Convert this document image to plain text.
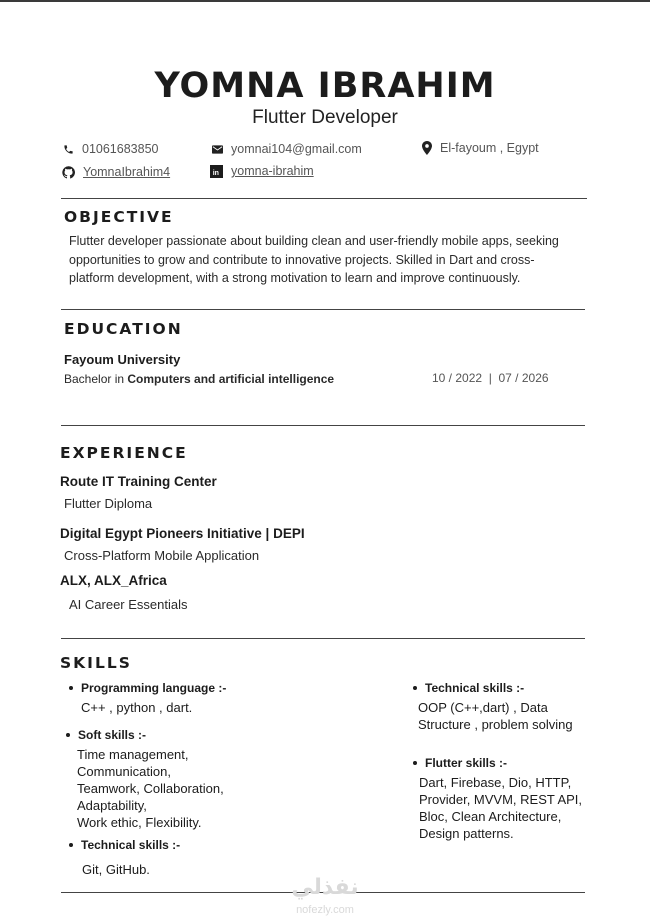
YOMNA IBRAHIM
Flutter Developer
01061683850	yomnai104@gmail.com	El-fayoum , Egypt
YomnaIbrahim4	in yomna-ibrahim
OBJECTIVE
Flutter developer passionate about building clean and user-friendly mobile apps, seeking
opportunities to grow and contribute to innovative projects. Skilled in Dart and cross-
platform development, with a strong motivation to learn and improve continuously.
EDUCATION
Fayoum University
Bachelor in Computers and artificial intelligence	10 / 2022  |  07 / 2026
EXPERIENCE
Route IT Training Center
Flutter Diploma
Digital Egypt Pioneers Initiative | DEPI
Cross-Platform Mobile Application
ALX, ALX_Africa
AI Career Essentials
SKILLS
Programming language :-
C++ , python , dart.
Soft skills :-
Time management,
Communication,
Teamwork, Collaboration,
Adaptability,
Work ethic, Flexibility.
Technical skills :-
Git, GitHub.
Technical skills :-
OOP (C++,dart) , Data
Structure , problem solving
Flutter skills :-
Dart, Firebase, Dio, HTTP,
Provider, MVVM, REST API,
Bloc, Clean Architecture,
Design patterns.
نفذلي
nofezly.com
